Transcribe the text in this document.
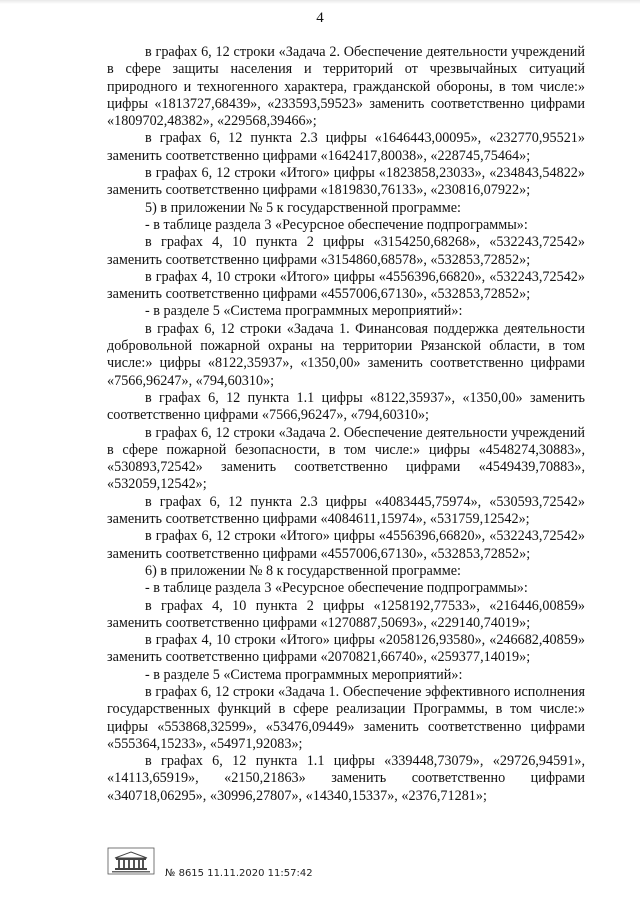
4

в графах 6, 12 строки «Задача 2. Обеспечение деятельности учреждений в сфере защиты населения и территорий от чрезвычайных ситуаций природного и техногенного характера, гражданской обороны, в том числе:» цифры «1813727,68439», «233593,59523» заменить соответственно цифрами «1809702,48382», «229568,39466»;

в графах 6, 12 пункта 2.3 цифры «1646443,00095», «232770,95521» заменить соответственно цифрами «1642417,80038», «228745,75464»;

в графах 6, 12 строки «Итого» цифры «1823858,23033», «234843,54822» заменить соответственно цифрами «1819830,76133», «230816,07922»;

5) в приложении № 5 к государственной программе:

- в таблице раздела 3 «Ресурсное обеспечение подпрограммы»:

в графах 4, 10 пункта 2 цифры «3154250,68268», «532243,72542» заменить соответственно цифрами «3154860,68578», «532853,72852»;

в графах 4, 10 строки «Итого» цифры «4556396,66820», «532243,72542» заменить соответственно цифрами «4557006,67130», «532853,72852»;

- в разделе 5 «Система программных мероприятий»:

в графах 6, 12 строки «Задача 1. Финансовая поддержка деятельности добровольной пожарной охраны на территории Рязанской области, в том числе:» цифры «8122,35937», «1350,00» заменить соответственно цифрами «7566,96247», «794,60310»;

в графах 6, 12 пункта 1.1 цифры «8122,35937», «1350,00» заменить соответственно цифрами «7566,96247», «794,60310»;

в графах 6, 12 строки «Задача 2. Обеспечение деятельности учреждений в сфере пожарной безопасности, в том числе:» цифры «4548274,30883», «530893,72542» заменить соответственно цифрами «4549439,70883», «532059,12542»;

в графах 6, 12 пункта 2.3 цифры «4083445,75974», «530593,72542» заменить соответственно цифрами «4084611,15974», «531759,12542»;

в графах 6, 12 строки «Итого» цифры «4556396,66820», «532243,72542» заменить соответственно цифрами «4557006,67130», «532853,72852»;

6) в приложении № 8 к государственной программе:

- в таблице раздела 3 «Ресурсное обеспечение подпрограммы»:

в графах 4, 10 пункта 2 цифры «1258192,77533», «216446,00859» заменить соответственно цифрами «1270887,50693», «229140,74019»;

в графах 4, 10 строки «Итого» цифры «2058126,93580», «246682,40859» заменить соответственно цифрами «2070821,66740», «259377,14019»;

- в разделе 5 «Система программных мероприятий»:

в графах 6, 12 строки «Задача 1. Обеспечение эффективного исполнения государственных функций в сфере реализации Программы, в том числе:» цифры «553868,32599», «53476,09449» заменить соответственно цифрами «555364,15233», «54971,92083»;

в графах 6, 12 пункта 1.1 цифры «339448,73079», «29726,94591», «14113,65919», «2150,21863» заменить соответственно цифрами «340718,06295», «30996,27807», «14340,15337», «2376,71281»;

№ 8615 11.11.2020 11:57:42
